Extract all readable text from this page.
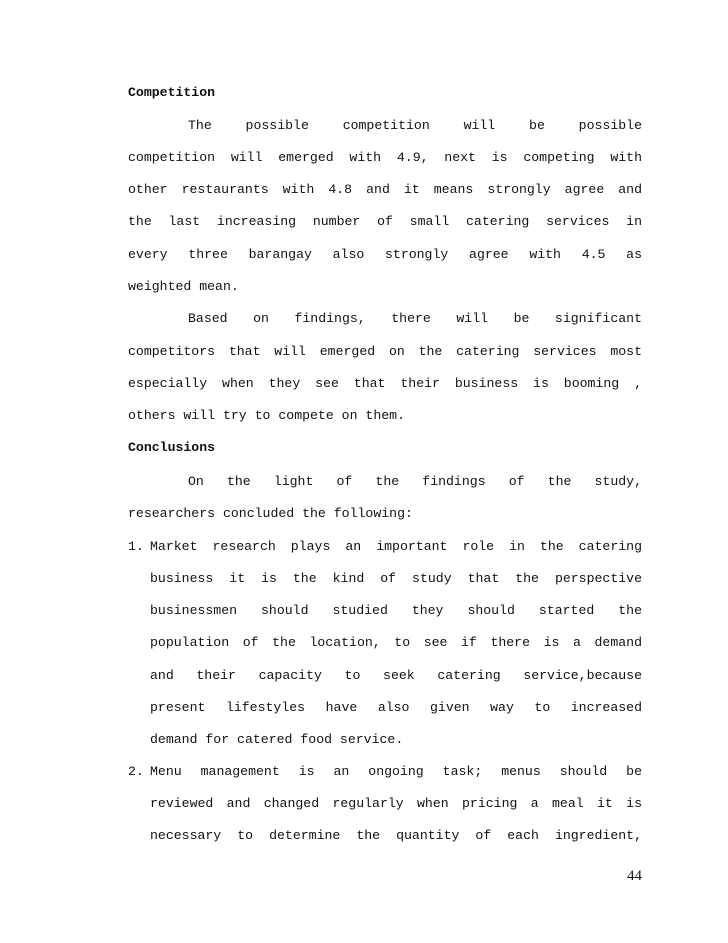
Competition
The possible competition will be possible
competition will emerged with 4.9, next is competing with
other restaurants with 4.8 and it means strongly agree and
the last increasing number of small catering services in
every three barangay also strongly agree with 4.5 as
weighted mean.
Based on findings, there will be significant
competitors that will emerged on the catering services most
especially when they see that their business is booming ,
others will try to compete on them.
Conclusions
On the light of the findings of the study,
researchers concluded the following:
1. Market research plays an important role in the catering
business it is the kind of study that the perspective
businessmen should studied they should started the
population of the location, to see if there is a demand
and their capacity to seek catering service,because
present lifestyles have also given way to increased
demand for catered food service.
2. Menu management is an ongoing task; menus should be
reviewed and changed regularly when pricing a meal it is
necessary to determine the quantity of each ingredient,
44
